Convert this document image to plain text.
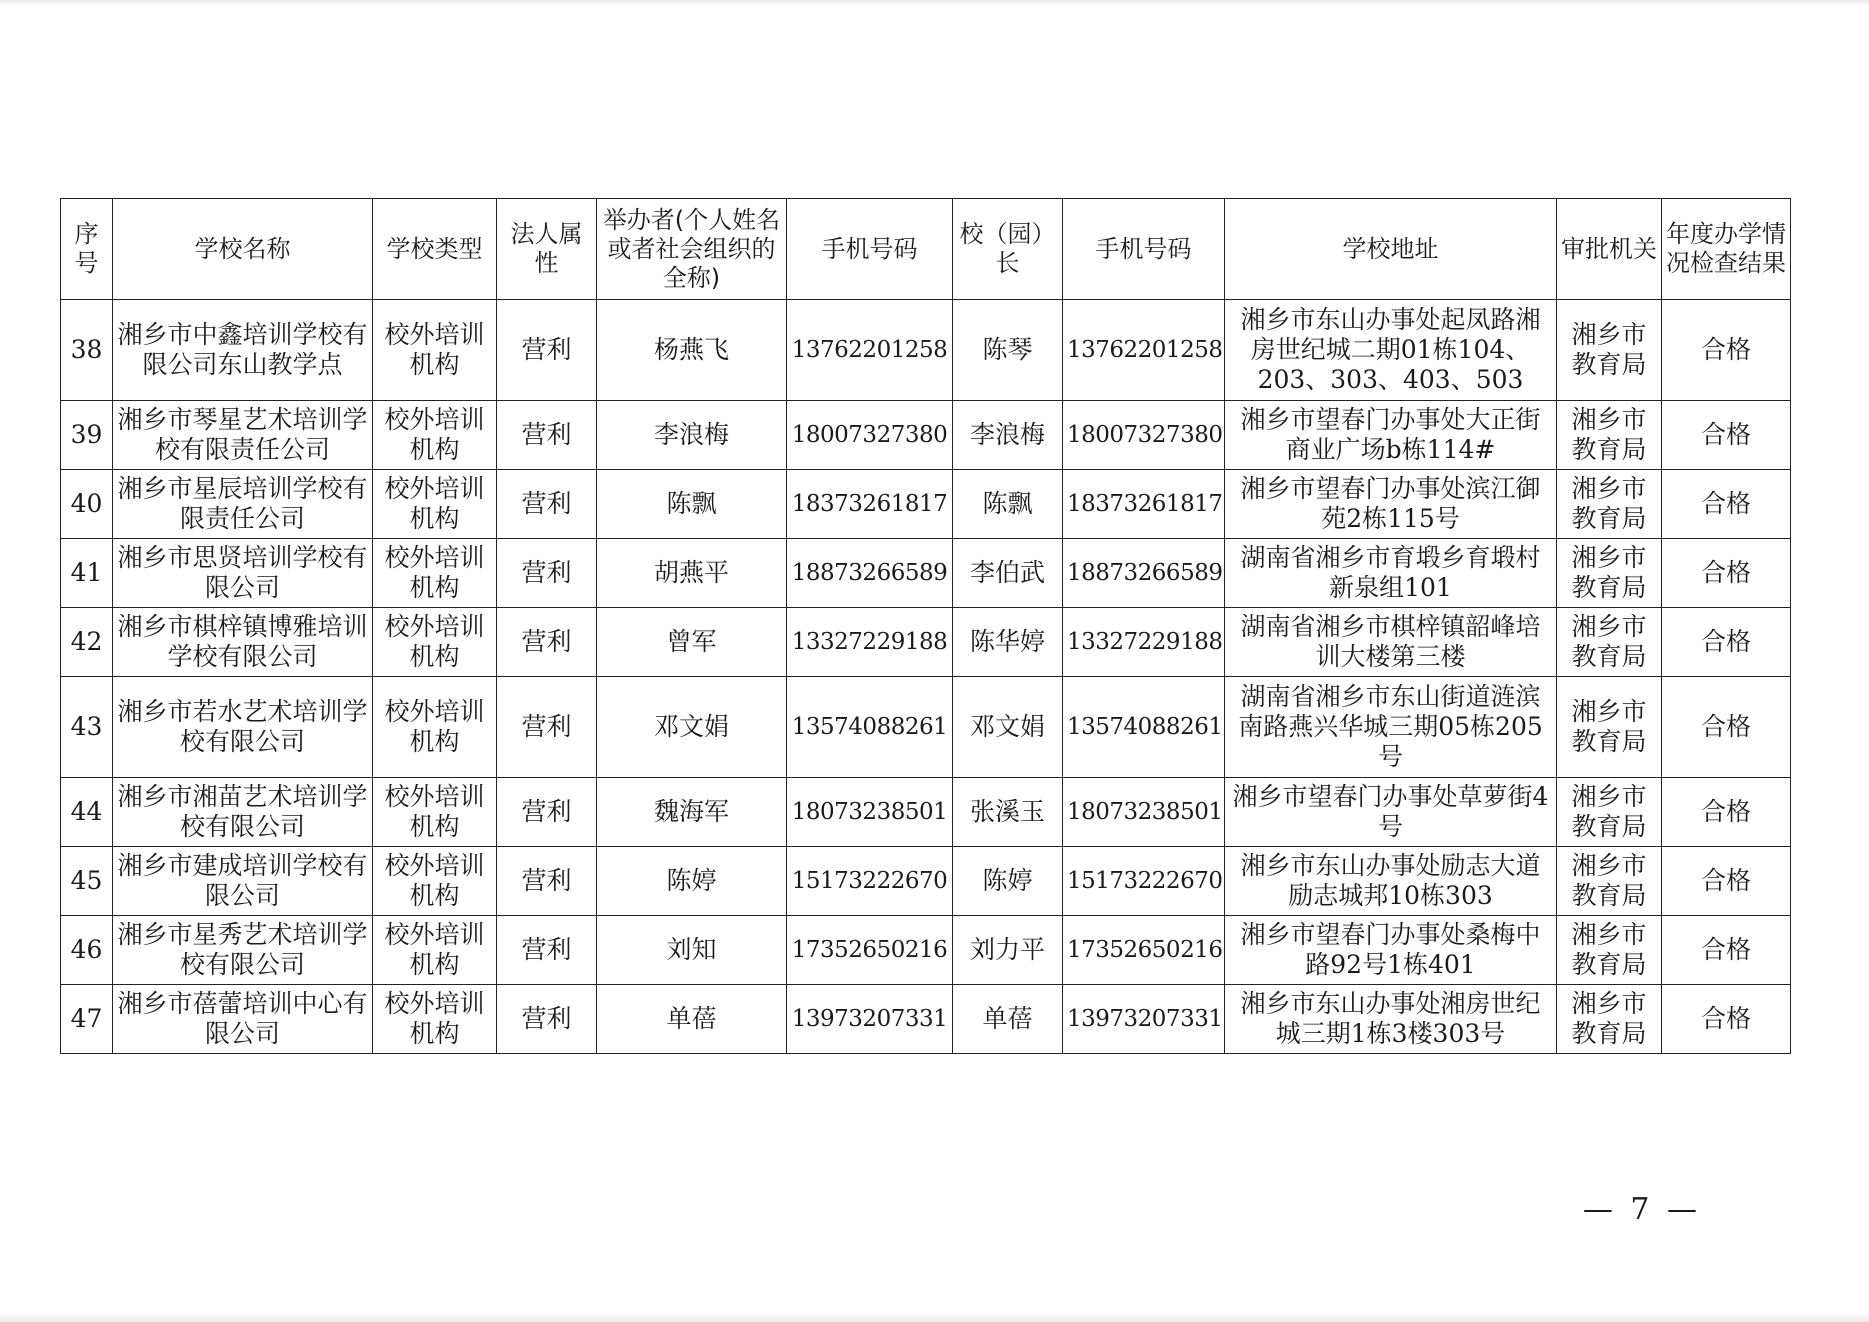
序号	学校名称	学校类型	法人属性	举办者(个人姓名或者社会组织的全称)	手机号码	校（园）长	手机号码	学校地址	审批机关	年度办学情况检查结果
38	湘乡市中鑫培训学校有限公司东山教学点	校外培训机构	营利	杨燕飞	13762201258	陈琴	13762201258	湘乡市东山办事处起凤路湘房世纪城二期01栋104、203、303、403、503	湘乡市教育局	合格
39	湘乡市琴星艺术培训学校有限责任公司	校外培训机构	营利	李浪梅	18007327380	李浪梅	18007327380	湘乡市望春门办事处大正街商业广场b栋114#	湘乡市教育局	合格
40	湘乡市星辰培训学校有限责任公司	校外培训机构	营利	陈飘	18373261817	陈飘	18373261817	湘乡市望春门办事处滨江御苑2栋115号	湘乡市教育局	合格
41	湘乡市思贤培训学校有限公司	校外培训机构	营利	胡燕平	18873266589	李伯武	18873266589	湖南省湘乡市育塅乡育塅村新泉组101	湘乡市教育局	合格
42	湘乡市棋梓镇博雅培训学校有限公司	校外培训机构	营利	曾军	13327229188	陈华婷	13327229188	湖南省湘乡市棋梓镇韶峰培训大楼第三楼	湘乡市教育局	合格
43	湘乡市若水艺术培训学校有限公司	校外培训机构	营利	邓文娟	13574088261	邓文娟	13574088261	湖南省湘乡市东山街道涟滨南路燕兴华城三期05栋205号	湘乡市教育局	合格
44	湘乡市湘苗艺术培训学校有限公司	校外培训机构	营利	魏海军	18073238501	张溪玉	18073238501	湘乡市望春门办事处草萝街4号	湘乡市教育局	合格
45	湘乡市建成培训学校有限公司	校外培训机构	营利	陈婷	15173222670	陈婷	15173222670	湘乡市东山办事处励志大道励志城邦10栋303	湘乡市教育局	合格
46	湘乡市星秀艺术培训学校有限公司	校外培训机构	营利	刘知	17352650216	刘力平	17352650216	湘乡市望春门办事处桑梅中路92号1栋401	湘乡市教育局	合格
47	湘乡市蓓蕾培训中心有限公司	校外培训机构	营利	单蓓	13973207331	单蓓	13973207331	湘乡市东山办事处湘房世纪城三期1栋3楼303号	湘乡市教育局	合格
— 7 —
